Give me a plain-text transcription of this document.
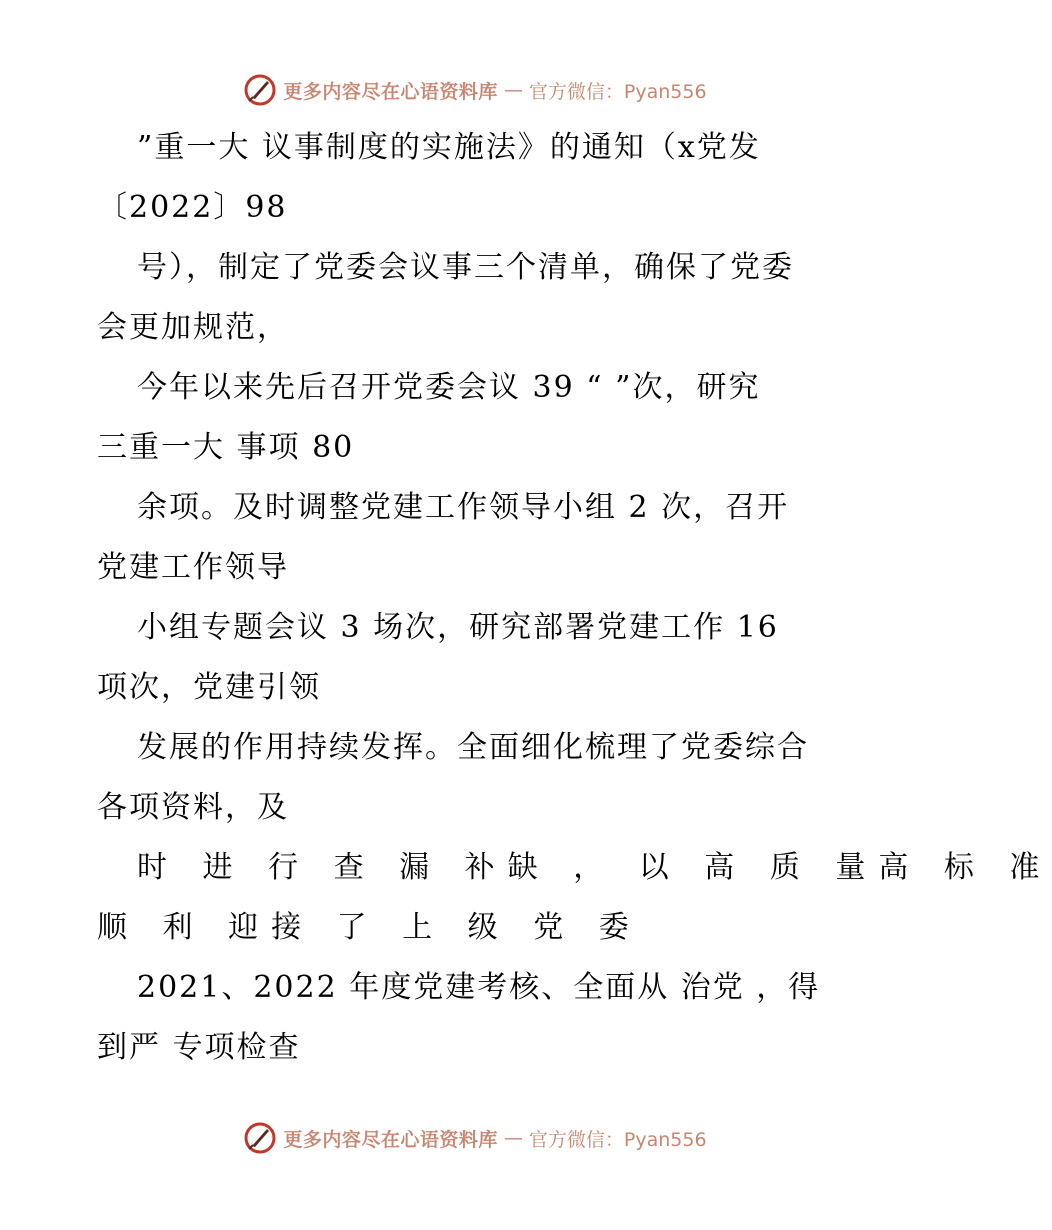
更多内容尽在心语资料库 — 官方微信：Pyan556

”重一大 议事制度的实施法》的通知（x党发

〔2022〕98

号），制定了党委会议事三个清单，确保了党委

会更加规范，

今年以来先后召开党委会议 39 “ ”次，研究

三重一大 事项 80

余项。及时调整党建工作领导小组 2 次，召开

党建工作领导

小组专题会议 3 场次，研究部署党建工作 16

项次，党建引领

发展的作用持续发挥。全面细化梳理了党委综合

各项资料，及

时 进 行 查 漏 补缺 ， 以 高 质 量高 标 准

顺 利 迎接 了 上 级 党 委

2021、2022 年度党建考核、全面从 治党 ，得

到严 专项检查

更多内容尽在心语资料库 — 官方微信：Pyan556
